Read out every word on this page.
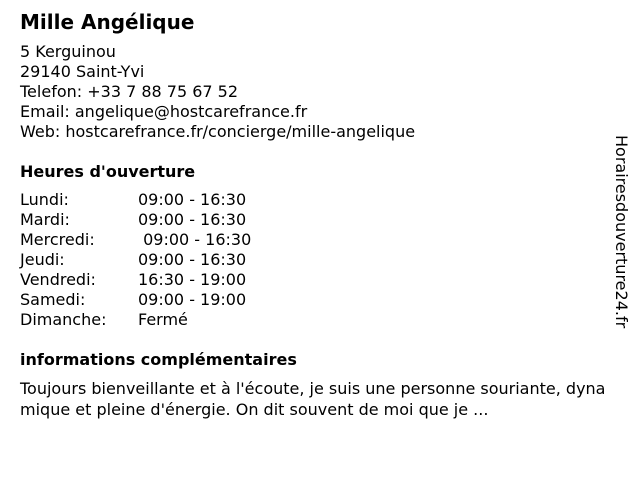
Mille Angélique
5 Kerguinou
29140 Saint-Yvi
Telefon: +33 7 88 75 67 52
Email: angelique@hostcarefrance.fr
Web: hostcarefrance.fr/concierge/mille-angelique
Heures d'ouverture
Lundi:	09:00 - 16:30
Mardi:	09:00 - 16:30
Mercredi:	09:00 - 16:30
Jeudi:	09:00 - 16:30
Vendredi:	16:30 - 19:00
Samedi:	09:00 - 19:00
Dimanche:	Fermé
informations complémentaires
Toujours bienveillante et à l'écoute, je suis une personne souriante, dynamique et pleine d'énergie. On dit souvent de moi que je ...
Horairesdouverture24.fr
